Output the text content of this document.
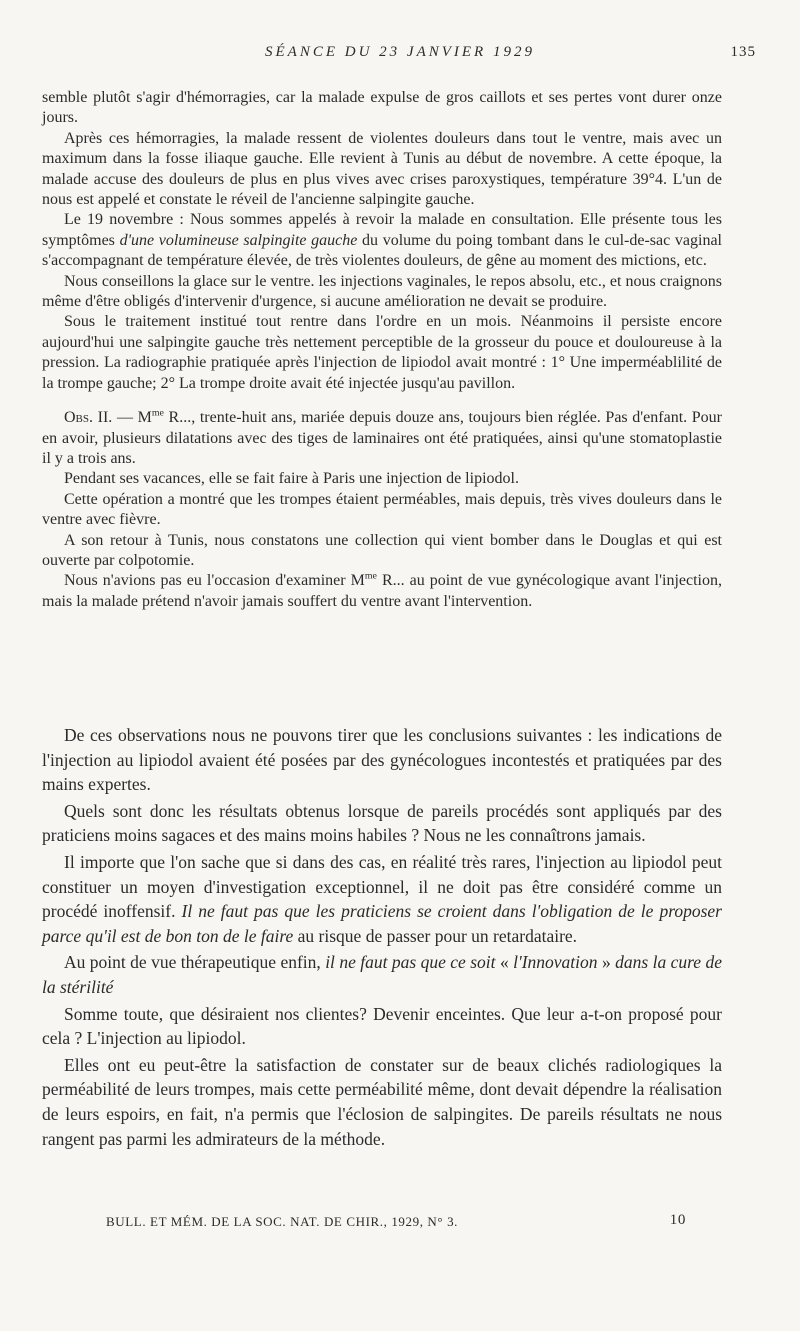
SÉANCE DU 23 JANVIER 1929	135

semble plutôt s'agir d'hémorragies, car la malade expulse de gros caillots et ses pertes vont durer onze jours.

Après ces hémorragies, la malade ressent de violentes douleurs dans tout le ventre, mais avec un maximum dans la fosse iliaque gauche. Elle revient à Tunis au début de novembre. A cette époque, la malade accuse des douleurs de plus en plus vives avec crises paroxystiques, température 39°4. L'un de nous est appelé et constate le réveil de l'ancienne salpingite gauche.

Le 19 novembre : Nous sommes appelés à revoir la malade en consultation. Elle présente tous les symptômes d'une volumineuse salpingite gauche du volume du poing tombant dans le cul-de-sac vaginal s'accompagnant de température élevée, de très violentes douleurs, de gêne au moment des mictions, etc.

Nous conseillons la glace sur le ventre. les injections vaginales, le repos absolu, etc., et nous craignons même d'être obligés d'intervenir d'urgence, si aucune amélioration ne devait se produire.

Sous le traitement institué tout rentre dans l'ordre en un mois. Néanmoins il persiste encore aujourd'hui une salpingite gauche très nettement perceptible de la grosseur du pouce et douloureuse à la pression. La radiographie pratiquée après l'injection de lipiodol avait montré : 1° Une imperméablilité de la trompe gauche; 2° La trompe droite avait été injectée jusqu'au pavillon.

Obs. II. — $M^{me}$ R..., trente-huit ans, mariée depuis douze ans, toujours bien réglée. Pas d'enfant. Pour en avoir, plusieurs dilatations avec des tiges de laminaires ont été pratiquées, ainsi qu'une stomatoplastie il y a trois ans.

Pendant ses vacances, elle se fait faire à Paris une injection de lipiodol.

Cette opération a montré que les trompes étaient perméables, mais depuis, très vives douleurs dans le ventre avec fièvre.

A son retour à Tunis, nous constatons une collection qui vient bomber dans le Douglas et qui est ouverte par colpotomie.

Nous n'avions pas eu l'occasion d'examiner $M^{me}$ R... au point de vue gynécologique avant l'injection, mais la malade prétend n'avoir jamais souffert du ventre avant l'intervention.

De ces observations nous ne pouvons tirer que les conclusions suivantes : les indications de l'injection au lipiodol avaient été posées par des gynécologues incontestés et pratiquées par des mains expertes.

Quels sont donc les résultats obtenus lorsque de pareils procédés sont appliqués par des praticiens moins sagaces et des mains moins habiles ? Nous ne les connaîtrons jamais.

Il importe que l'on sache que si dans des cas, en réalité très rares, l'injection au lipiodol peut constituer un moyen d'investigation exceptionnel, il ne doit pas être considéré comme un procédé inoffensif. Il ne faut pas que les praticiens se croient dans l'obligation de le proposer parce qu'il est de bon ton de le faire au risque de passer pour un retardataire.

Au point de vue thérapeutique enfin, il ne faut pas que ce soit « l'Innovation » dans la cure de la stérilité

Somme toute, que désiraient nos clientes? Devenir enceintes. Que leur a-t-on proposé pour cela ? L'injection au lipiodol.

Elles ont eu peut-être la satisfaction de constater sur de beaux clichés radiologiques la perméabilité de leurs trompes, mais cette perméabilité même, dont devait dépendre la réalisation de leurs espoirs, en fait, n'a permis que l'éclosion de salpingites. De pareils résultats ne nous rangent pas parmi les admirateurs de la méthode.

BULL. ET MÉM. DE LA SOC. NAT. DE CHIR., 1929, N° 3.	10
